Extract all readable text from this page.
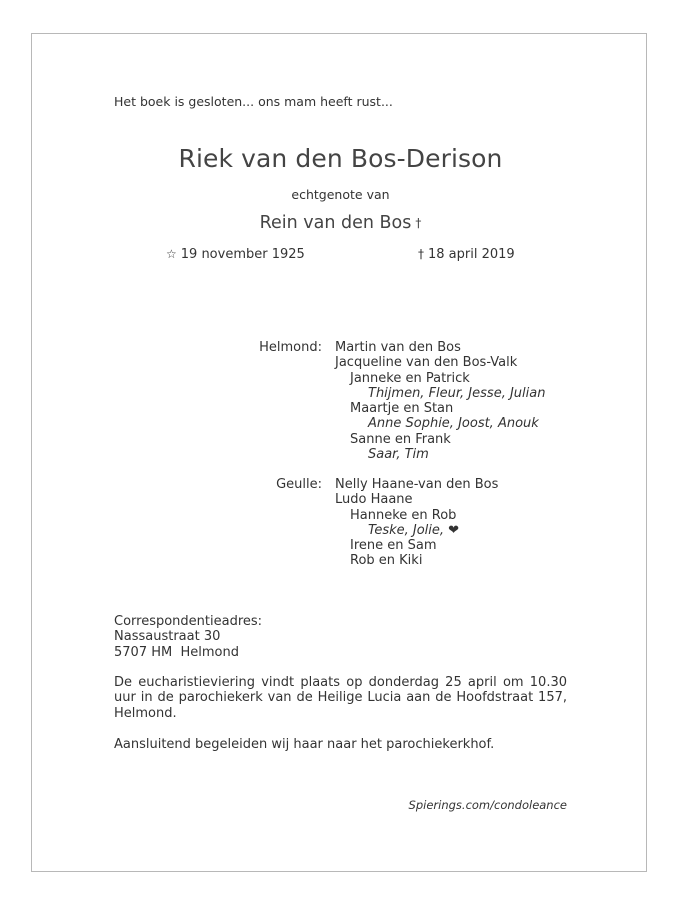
Het boek is gesloten... ons mam heeft rust...
Riek van den Bos-Derison
echtgenote van
Rein van den Bos †
☆ 19 november 1925	† 18 april 2019
Helmond: Martin van den Bos
Jacqueline van den Bos-Valk
Janneke en Patrick
Thijmen, Fleur, Jesse, Julian
Maartje en Stan
Anne Sophie, Joost, Anouk
Sanne en Frank
Saar, Tim
Geulle: Nelly Haane-van den Bos
Ludo Haane
Hanneke en Rob
Teske, Jolie, ❤
Irene en Sam
Rob en Kiki
Correspondentieadres:
Nassaustraat 30
5707 HM  Helmond
De eucharistieviering vindt plaats op donderdag 25 april om 10.30 uur in de parochiekerk van de Heilige Lucia aan de Hoofdstraat 157, Helmond.
Aansluitend begeleiden wij haar naar het parochiekerkhof.
Spierings.com/condoleance
